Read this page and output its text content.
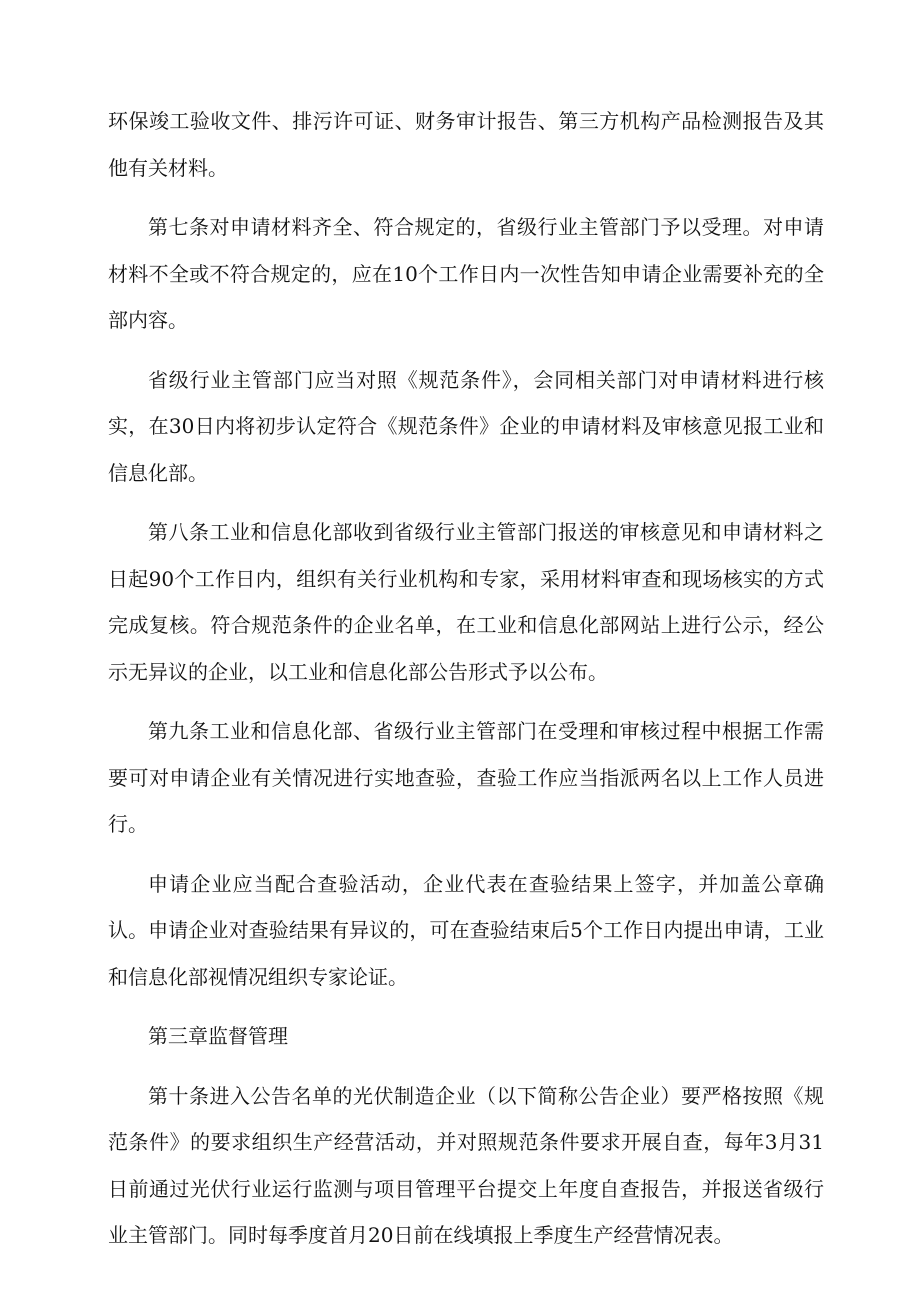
环保竣工验收文件、排污许可证、财务审计报告、第三方机构产品检测报告及其他有关材料。

第七条对申请材料齐全、符合规定的，省级行业主管部门予以受理。对申请材料不全或不符合规定的，应在10个工作日内一次性告知申请企业需要补充的全部内容。

省级行业主管部门应当对照《规范条件》，会同相关部门对申请材料进行核实，在30日内将初步认定符合《规范条件》企业的申请材料及审核意见报工业和信息化部。

第八条工业和信息化部收到省级行业主管部门报送的审核意见和申请材料之日起90个工作日内，组织有关行业机构和专家，采用材料审查和现场核实的方式完成复核。符合规范条件的企业名单，在工业和信息化部网站上进行公示，经公示无异议的企业，以工业和信息化部公告形式予以公布。

第九条工业和信息化部、省级行业主管部门在受理和审核过程中根据工作需要可对申请企业有关情况进行实地查验，查验工作应当指派两名以上工作人员进行。

申请企业应当配合查验活动，企业代表在查验结果上签字，并加盖公章确认。申请企业对查验结果有异议的，可在查验结束后5个工作日内提出申请，工业和信息化部视情况组织专家论证。

第三章监督管理

第十条进入公告名单的光伏制造企业（以下简称公告企业）要严格按照《规范条件》的要求组织生产经营活动，并对照规范条件要求开展自查，每年3月31日前通过光伏行业运行监测与项目管理平台提交上年度自查报告，并报送省级行业主管部门。同时每季度首月20日前在线填报上季度生产经营情况表。
